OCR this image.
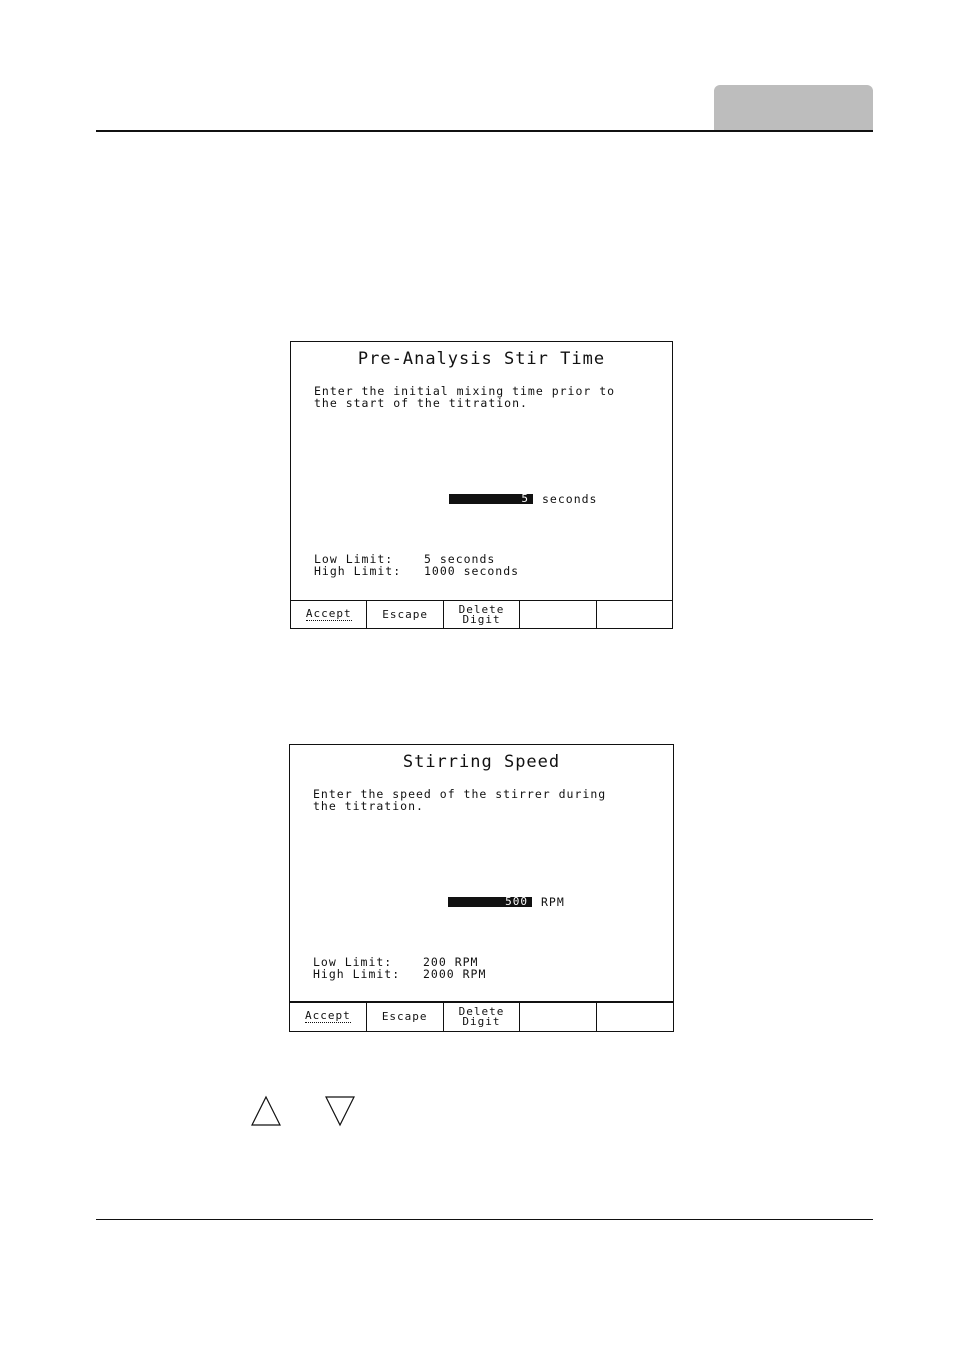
Pre-Analysis Stir Time
Enter the initial mixing time prior to
the start of the titration.
5	seconds
Low Limit:	5 seconds
High Limit:	1000 seconds
Accept	Escape	Delete
Digit
Stirring Speed
Enter the speed of the stirrer during
the titration.
500	RPM
Low Limit:	200 RPM
High Limit:	2000 RPM
Accept	Escape	Delete
Digit
